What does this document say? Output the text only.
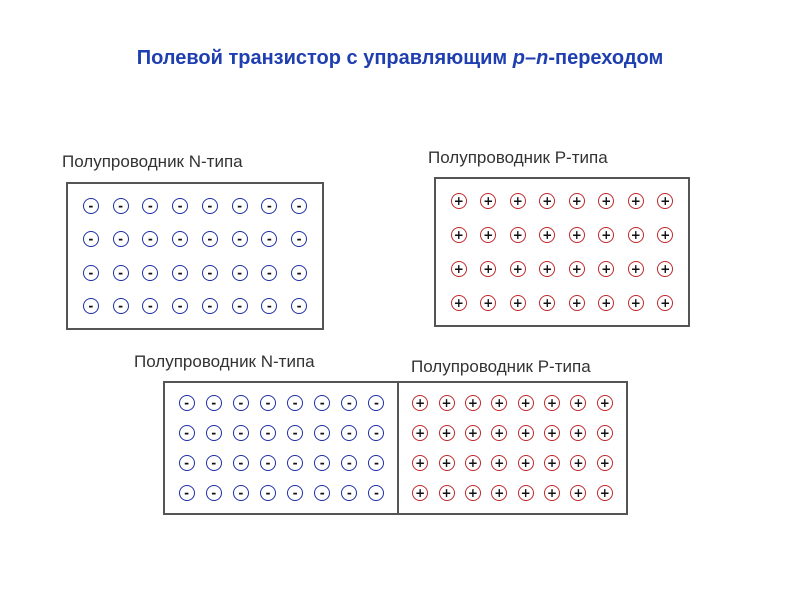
Полевой транзистор с управляющим p–n-переходом
Полупроводник N-типа
-	-	-	-	-	-	-	-
-	-	-	-	-	-	-	-
-	-	-	-	-	-	-	-
-	-	-	-	-	-	-	-
Полупроводник P-типа
+ + + + + + + +
+ + + + + + + +
+ + + + + + + +
+ + + + + + + +
Полупроводник N-типа	Полупроводник P-типа
-	-	-	-	-	-	-	-
-	-	-	-	-	-	-	-
-	-	-	-	-	-	-	-
-	-	-	-	-	-	-	-
+ + + + + + + +
+ + + + + + + +
+ + + + + + + +
+ + + + + + + +
